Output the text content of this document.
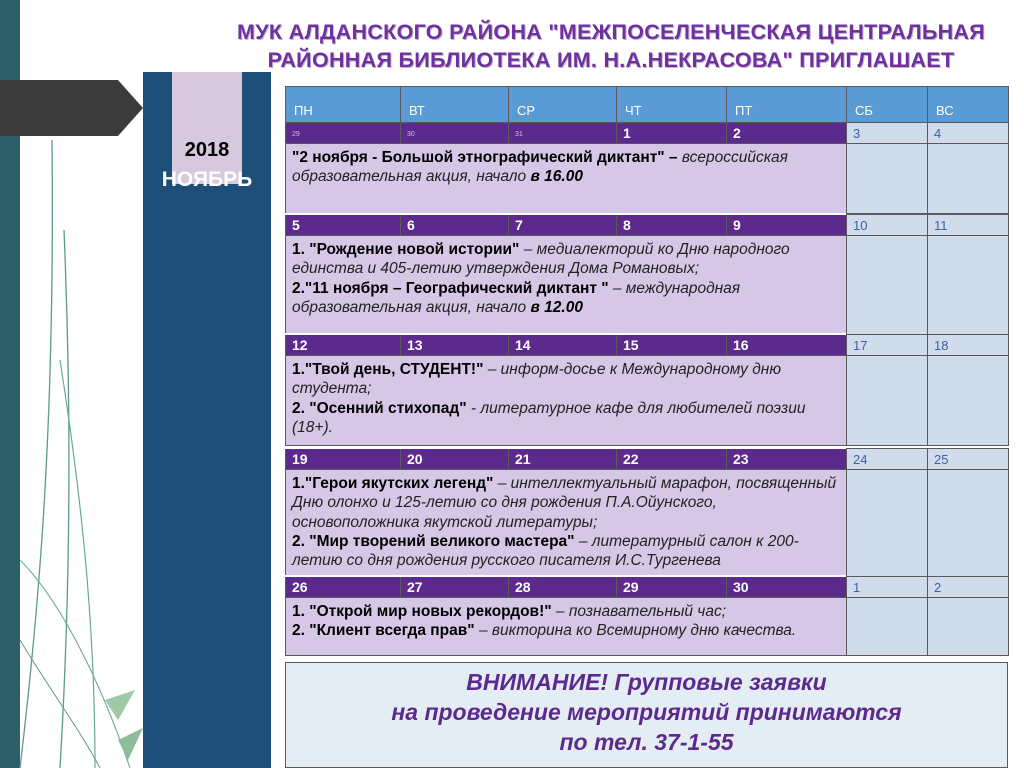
2018
НОЯБРЬ
МУК АЛДАНСКОГО РАЙОНА "МЕЖПОСЕЛЕНЧЕСКАЯ ЦЕНТРАЛЬНАЯ
РАЙОННАЯ БИБЛИОТЕКА ИМ. Н.А.НЕКРАСОВА" ПРИГЛАШАЕТ
ВНИМАНИЕ! Групповые заявки
на проведение мероприятий принимаются
по тел. 37-1-55
ПН	ВТ	СР	ЧТ	ПТ	СБ	ВС
29	30	31	1	2	3	4

"2 ноября - Большой этнографический диктант" – всероссийская образовательная акция, начало в 16.00

5	6	7	8	9	10	11

1. "Рождение новой истории" – медиалекторий ко Дню народного единства и 405-летию утверждения Дома Романовых;

2."11 ноября – Географический диктант " – международная образовательная акция, начало в 12.00

12	13	14	15	16	17	18

1."Твой день, СТУДЕНТ!" – информ-досье к Международному дню студента;

2. "Осенний стихопад" - литературное кафе для любителей поэзии (18+).

19	20	21	22	23	24	25

1."Герои якутских легенд" – интеллектуальный марафон, посвященный Дню олонхо и 125-летию со дня рождения П.А.Ойунского, основоположника якутской литературы;

2. "Мир творений великого мастера" – литературный салон к 200-летию со дня рождения русского писателя И.С.Тургенева

26	27	28	29	30	1	2

1. "Открой мир новых рекордов!" – познавательный час;

2. "Клиент всегда прав" – викторина ко Всемирному дню качества.
